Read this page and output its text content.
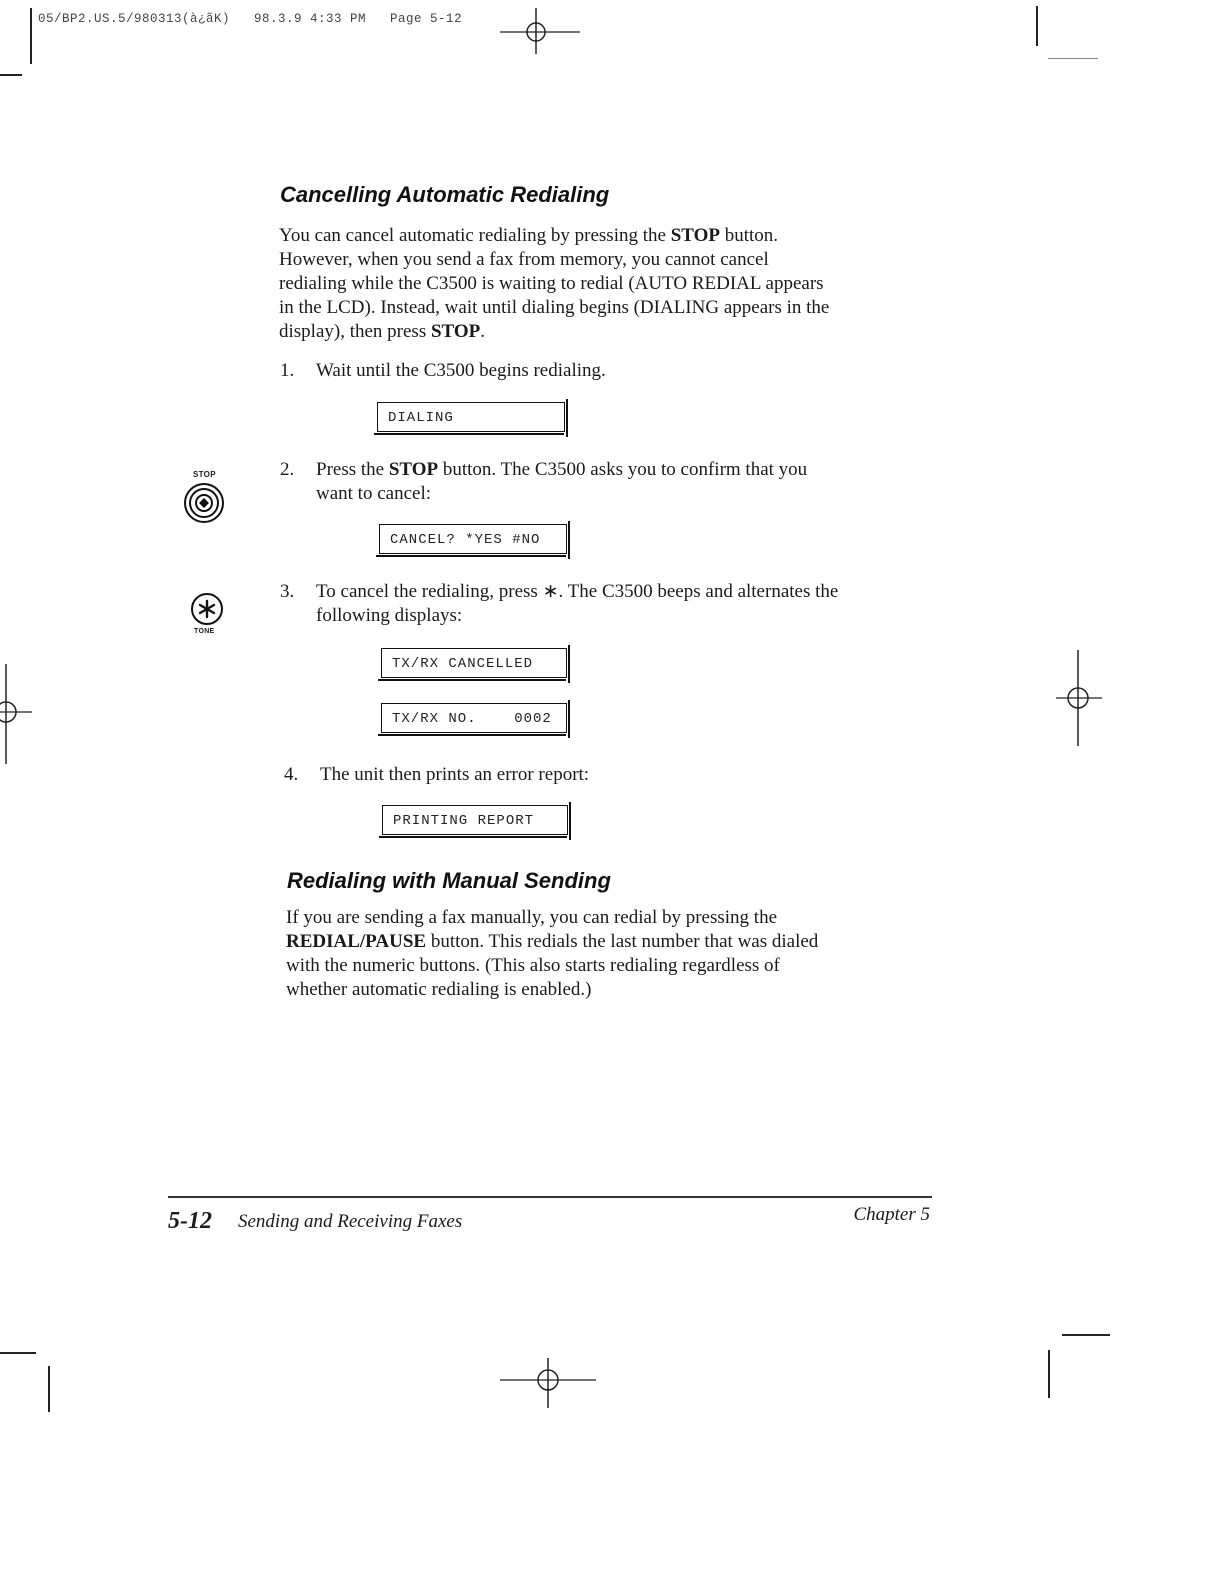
05/BP2.US.5/980313(à¿ãK)   98.3.9 4:33 PM   Page 5-12
Cancelling Automatic Redialing
You can cancel automatic redialing by pressing the STOP button.
However, when you send a fax from memory, you cannot cancel
redialing while the C3500 is waiting to redial (AUTO REDIAL appears
in the LCD). Instead, wait until dialing begins (DIALING appears in the
display), then press STOP.
1. Wait until the C3500 begins redialing.
DIALING
STOP	2. Press the STOP button. The C3500 asks you to confirm that you
want to cancel:
CANCEL? *YES #NO
TONE
3. To cancel the redialing, press ∗. The C3500 beeps and alternates the
following displays:
TX/RX CANCELLED
TX/RX NO.    0002
4. The unit then prints an error report:
PRINTING REPORT
Redialing with Manual Sending
If you are sending a fax manually, you can redial by pressing the
REDIAL/PAUSE button. This redials the last number that was dialed
with the numeric buttons. (This also starts redialing regardless of
whether automatic redialing is enabled.)
5-12 Sending and Receiving Faxes	Chapter 5
